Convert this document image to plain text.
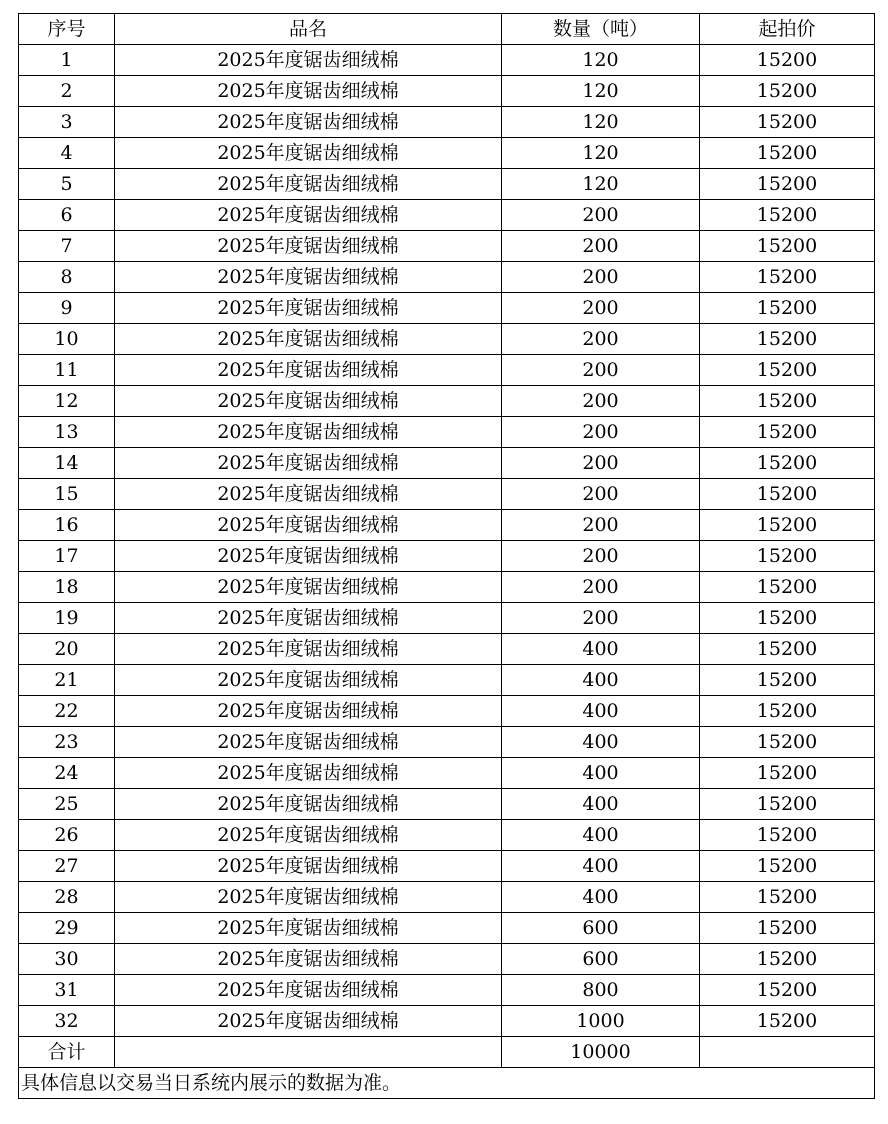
序号	品名	数量（吨）	起拍价
1	2025年度锯齿细绒棉	120	15200
2	2025年度锯齿细绒棉	120	15200
3	2025年度锯齿细绒棉	120	15200
4	2025年度锯齿细绒棉	120	15200
5	2025年度锯齿细绒棉	120	15200
6	2025年度锯齿细绒棉	200	15200
7	2025年度锯齿细绒棉	200	15200
8	2025年度锯齿细绒棉	200	15200
9	2025年度锯齿细绒棉	200	15200
10	2025年度锯齿细绒棉	200	15200
11	2025年度锯齿细绒棉	200	15200
12	2025年度锯齿细绒棉	200	15200
13	2025年度锯齿细绒棉	200	15200
14	2025年度锯齿细绒棉	200	15200
15	2025年度锯齿细绒棉	200	15200
16	2025年度锯齿细绒棉	200	15200
17	2025年度锯齿细绒棉	200	15200
18	2025年度锯齿细绒棉	200	15200
19	2025年度锯齿细绒棉	200	15200
20	2025年度锯齿细绒棉	400	15200
21	2025年度锯齿细绒棉	400	15200
22	2025年度锯齿细绒棉	400	15200
23	2025年度锯齿细绒棉	400	15200
24	2025年度锯齿细绒棉	400	15200
25	2025年度锯齿细绒棉	400	15200
26	2025年度锯齿细绒棉	400	15200
27	2025年度锯齿细绒棉	400	15200
28	2025年度锯齿细绒棉	400	15200
29	2025年度锯齿细绒棉	600	15200
30	2025年度锯齿细绒棉	600	15200
31	2025年度锯齿细绒棉	800	15200
32	2025年度锯齿细绒棉	1000	15200
合计		10000	
具体信息以交易当日系统内展示的数据为准。			
